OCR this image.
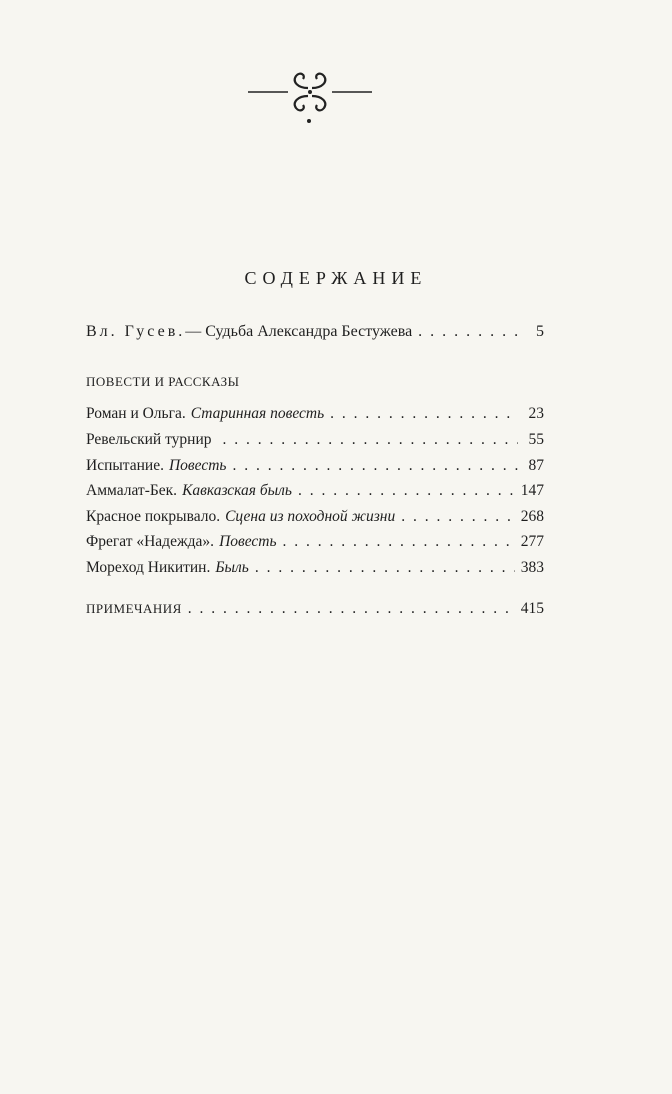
СОДЕРЖАНИЕ
Вл. Гусев. — Судьба Александра Бестужева . . .	5
ПОВЕСТИ И РАССКАЗЫ
Роман и Ольга. Старинная повесть . . .	23
Ревельский турнир . . .	55
Испытание. Повесть . . .	87
Аммалат-Бек. Кавказская быль . . .	147
Красное покрывало. Сцена из походной жизни . . .	268
Фрегат «Надежда». Повесть . . .	277
Мореход Никитин. Быль . . .	383
ПРИМЕЧАНИЯ . . .	415
